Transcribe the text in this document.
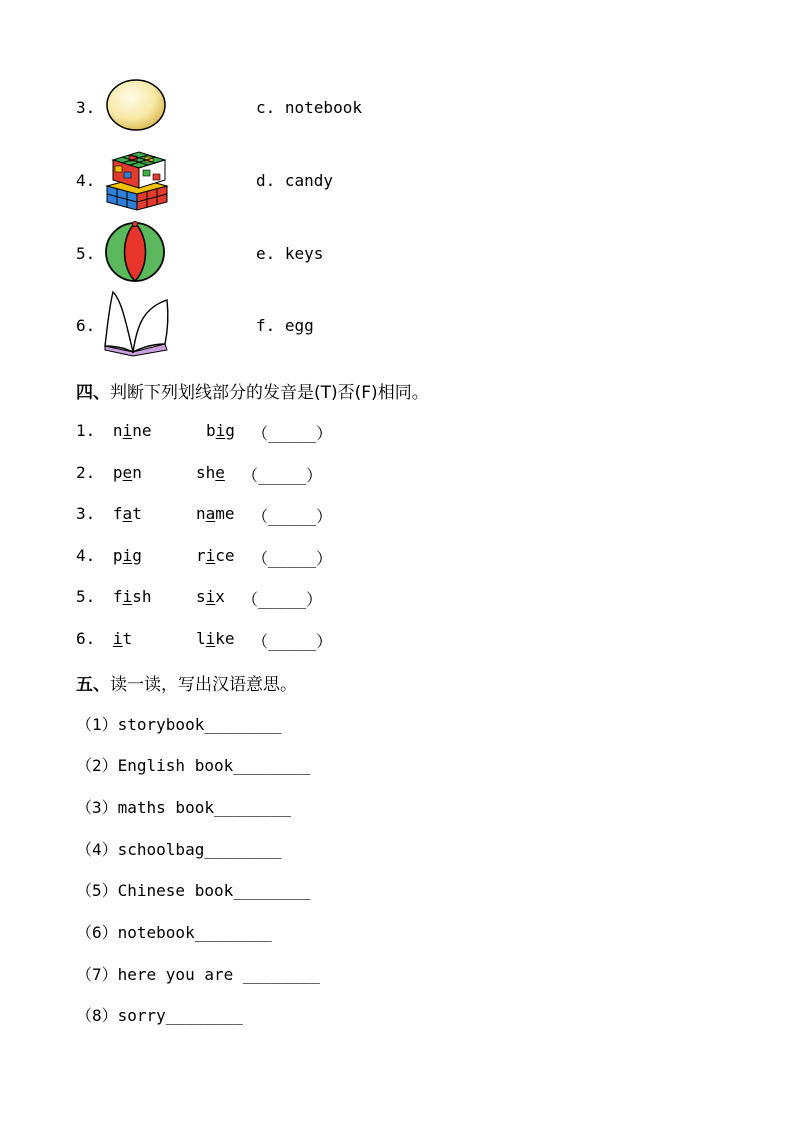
3.	c. notebook
4.	d. candy
5.	e. keys
6.	f. egg
四、判断下列划线部分的发音是(T)否(F)相同。
1. nine	big （_____）
2. pen	she （_____）
3. fat	name （_____）
4. pig	rice （_____）
5. fish	six （_____）
6. it	like （_____）
五、读一读，写出汉语意思。
（1）storybook________
（2）English book________
（3）maths book________
（4）schoolbag________
（5）Chinese book________
（6）notebook________
（7）here you are ________
（8）sorry________
